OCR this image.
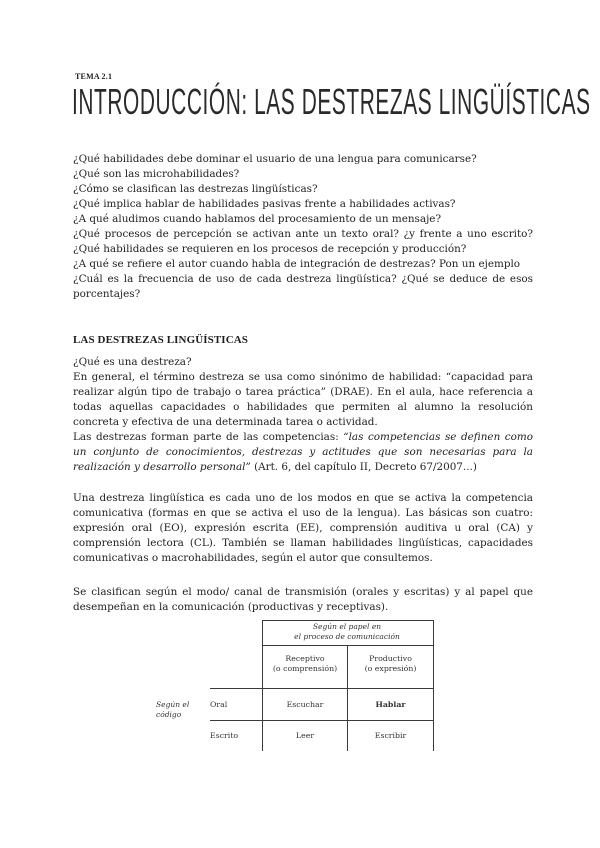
TEMA 2.1
INTRODUCCIÓN: LAS DESTREZAS LINGÜÍSTICAS
¿Qué habilidades debe dominar el usuario de una lengua para comunicarse?
¿Qué son las microhabilidades?
¿Cómo se clasifican las destrezas lingüísticas?
¿Qué implica hablar de habilidades pasivas frente a habilidades activas?
¿A qué aludimos cuando hablamos del procesamiento de un mensaje?
¿Qué procesos de percepción se activan ante un texto oral? ¿y frente a uno escrito? ¿Qué habilidades se requieren en los procesos de recepción y producción?
¿A qué se refiere el autor cuando habla de integración de destrezas? Pon un ejemplo
¿Cuál es la frecuencia de uso de cada destreza lingüística? ¿Qué se deduce de esos porcentajes?
LAS DESTREZAS LINGÜÍSTICAS
¿Qué es una destreza?
En general, el término destreza se usa como sinónimo de habilidad: “capacidad para realizar algún tipo de trabajo o tarea práctica” (DRAE). En el aula, hace referencia a todas aquellas capacidades o habilidades que permiten al alumno la resolución concreta y efectiva de una determinada tarea o actividad.
Las destrezas forman parte de las competencias: “las competencias se definen como un conjunto de conocimientos, destrezas y actitudes que son necesarias para la realización y desarrollo personal” (Art. 6, del capítulo II, Decreto 67/2007...)
Una destreza lingüística es cada uno de los modos en que se activa la competencia comunicativa (formas en que se activa el uso de la lengua). Las básicas son cuatro: expresión oral (EO), expresión escrita (EE), comprensión auditiva u oral (CA) y comprensión lectora (CL). También se llaman habilidades lingüísticas, capacidades comunicativas o macrohabilidades, según el autor que consultemos.
Se clasifican según el modo/ canal de transmisión (orales y escritas) y al papel que desempeñan en la comunicación (productivas y receptivas).
Según el papel en
el proceso de comunicación
Receptivo
(o comprensión)
Productivo
(o expresión)
Según el
código
Oral
Escrito
Escuchar	Hablar
Leer	Escribir
